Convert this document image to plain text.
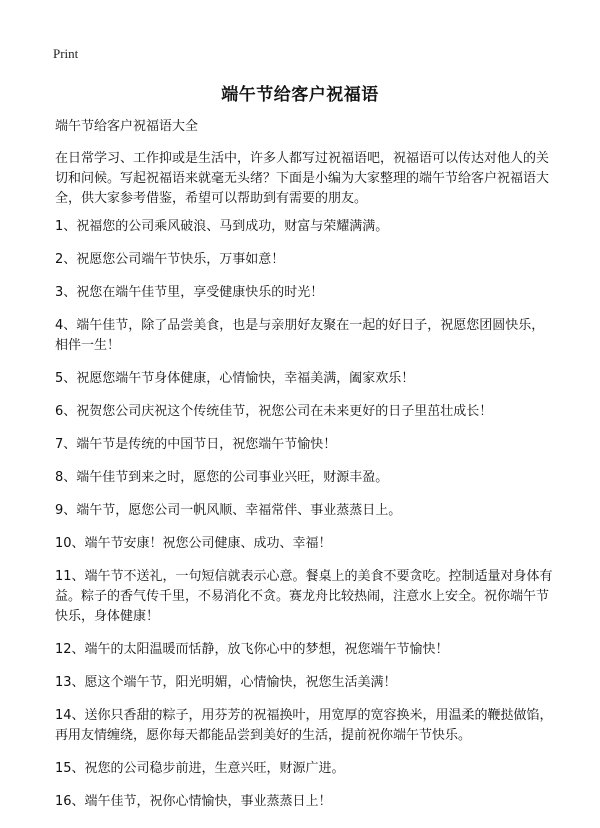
Print
端午节给客户祝福语

端午节给客户祝福语大全

在日常学习、工作抑或是生活中，许多人都写过祝福语吧，祝福语可以传达对他人的关切和问候。写起祝福语来就毫无头绪？下面是小编为大家整理的端午节给客户祝福语大全，供大家参考借鉴，希望可以帮助到有需要的朋友。

1、祝福您的公司乘风破浪、马到成功，财富与荣耀满满。

2、祝愿您公司端午节快乐，万事如意！

3、祝您在端午佳节里，享受健康快乐的时光！

4、端午佳节，除了品尝美食，也是与亲朋好友聚在一起的好日子，祝愿您团圆快乐，相伴一生！

5、祝愿您端午节身体健康，心情愉快，幸福美满，阖家欢乐！

6、祝贺您公司庆祝这个传统佳节，祝您公司在未来更好的日子里茁壮成长！

7、端午节是传统的中国节日，祝您端午节愉快！

8、端午佳节到来之时，愿您的公司事业兴旺，财源丰盈。

9、端午节，愿您公司一帆风顺、幸福常伴、事业蒸蒸日上。

10、端午节安康！祝您公司健康、成功、幸福！

11、端午节不送礼，一句短信就表示心意。餐桌上的美食不要贪吃。控制适量对身体有益。粽子的香气传千里，不易消化不贪。赛龙舟比较热闹，注意水上安全。祝你端午节快乐，身体健康！

12、端午的太阳温暖而恬静，放飞你心中的梦想，祝您端午节愉快！

13、愿这个端午节，阳光明媚，心情愉快，祝您生活美满！

14、送你只香甜的粽子，用芬芳的祝福换叶，用宽厚的宽容换米，用温柔的鞭挞做馅，再用友情缠绕，愿你每天都能品尝到美好的生活，提前祝你端午节快乐。

15、祝您的公司稳步前进，生意兴旺，财源广进。

16、端午佳节，祝你心情愉快，事业蒸蒸日上！
